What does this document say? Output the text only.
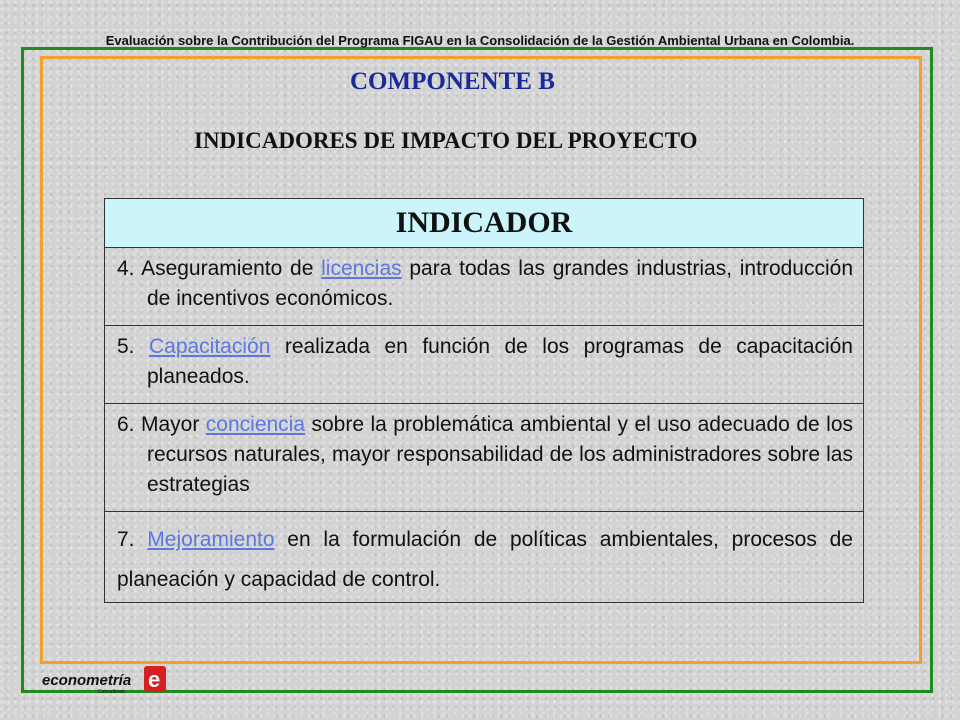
Evaluación sobre la Contribución del Programa FIGAU en la Consolidación de la Gestión Ambiental Urbana en Colombia.
COMPONENTE B
INDICADORES DE IMPACTO DEL PROYECTO
INDICADOR
4. Aseguramiento de licencias para todas las grandes industrias, introducción de incentivos económicos.
5. Capacitación realizada en función de los programas de capacitación planeados.
6. Mayor conciencia sobre la problemática ambiental y el uso adecuado de los recursos naturales, mayor responsabilidad de los administradores sobre las estrategias
7. Mejoramiento en la formulación de políticas ambientales, procesos de planeación y capacidad de control.
econometría
Consultores e
